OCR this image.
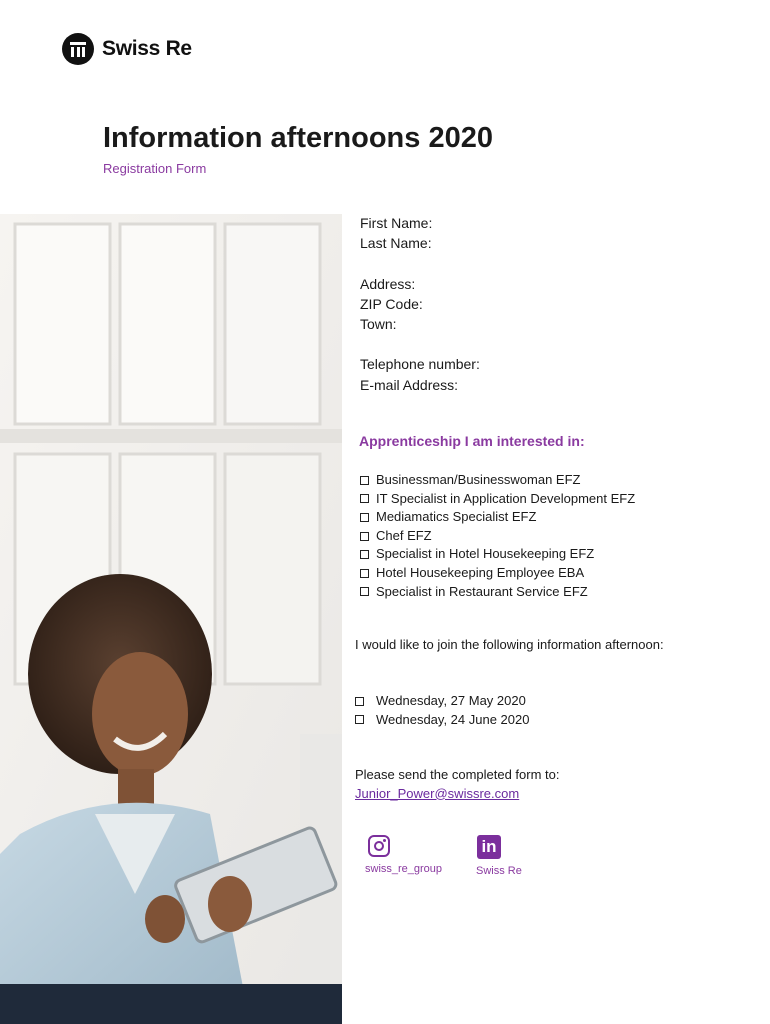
Swiss Re
Information afternoons 2020
Registration Form
First Name:
Last Name:
Address:
ZIP Code:
Town:
Telephone number:
E-mail Address:
Apprenticeship I am interested in:
Businessman/Businesswoman EFZ
IT Specialist in Application Development EFZ
Mediamatics Specialist EFZ
Chef EFZ
Specialist in Hotel Housekeeping EFZ
Hotel Housekeeping Employee EBA
Specialist in Restaurant Service EFZ
I would like to join the following information afternoon:
Wednesday, 27 May 2020
Wednesday, 24 June 2020
Please send the completed form to:
Junior_Power@swissre.com
swiss_re_group
in
Swiss Re
